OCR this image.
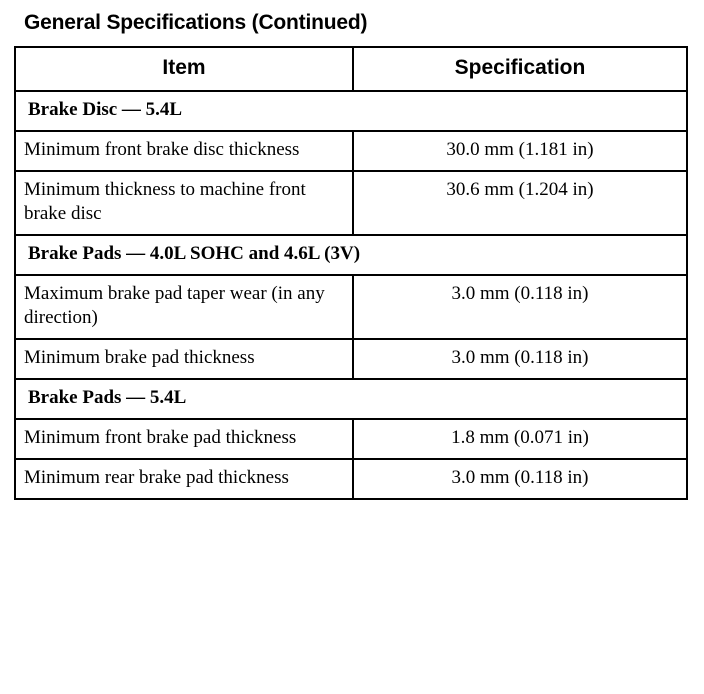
General Specifications (Continued)
Item	Specification
Brake Disc — 5.4L	
Minimum front brake disc thickness	30.0 mm (1.181 in)
Minimum thickness to machine front brake disc	30.6 mm (1.204 in)
Brake Pads — 4.0L SOHC and 4.6L (3V)	
Maximum brake pad taper wear (in any direction)	3.0 mm (0.118 in)
Minimum brake pad thickness	3.0 mm (0.118 in)
Brake Pads — 5.4L	
Minimum front brake pad thickness	1.8 mm (0.071 in)
Minimum rear brake pad thickness	3.0 mm (0.118 in)
